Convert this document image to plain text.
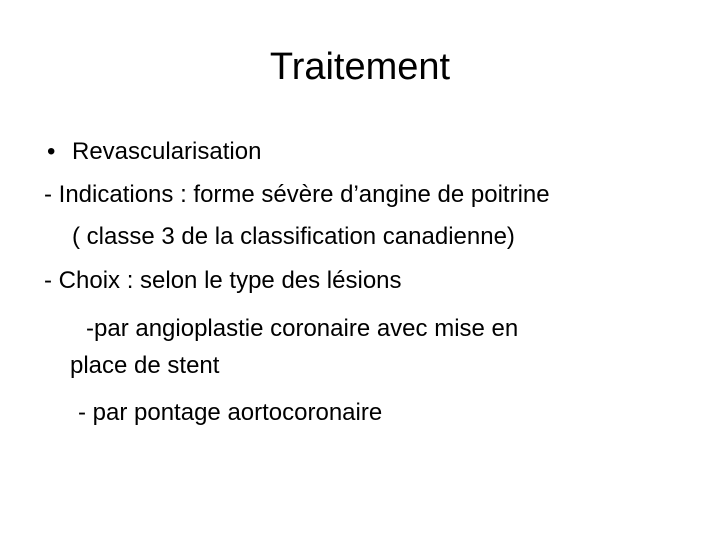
Traitement
• Revascularisation
- Indications : forme sévère d’angine de poitrine
( classe 3 de la classification canadienne)
- Choix : selon le type des lésions
-par angioplastie coronaire avec mise en
place de stent
- par pontage aortocoronaire
